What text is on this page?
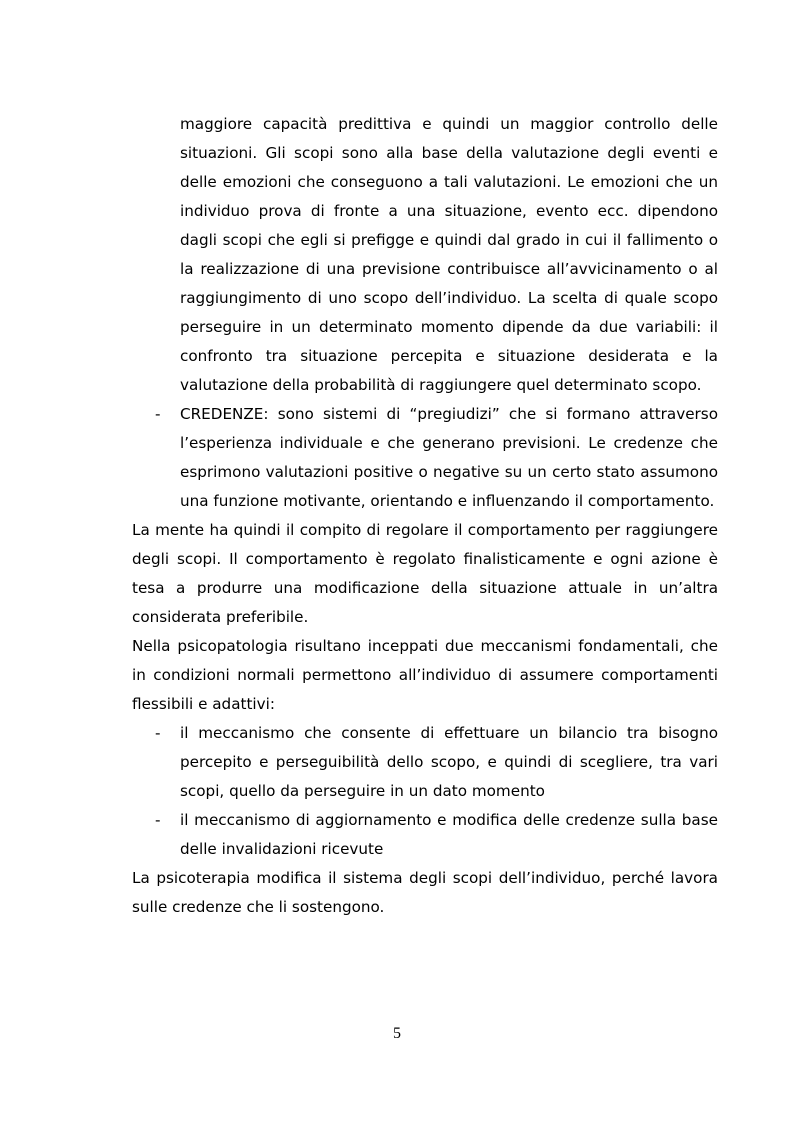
maggiore capacità predittiva e quindi un maggior controllo delle situazioni. Gli scopi sono alla base della valutazione degli eventi e delle emozioni che conseguono a tali valutazioni. Le emozioni che un individuo prova di fronte a una situazione, evento ecc. dipendono dagli scopi che egli si prefigge e quindi dal grado in cui il fallimento o la realizzazione di una previsione contribuisce all’avvicinamento o al raggiungimento di uno scopo dell’individuo. La scelta di quale scopo perseguire in un determinato momento dipende da due variabili: il confronto tra situazione percepita e situazione desiderata e la valutazione della probabilità di raggiungere quel determinato scopo.

- CREDENZE: sono sistemi di “pregiudizi” che si formano attraverso l’esperienza individuale e che generano previsioni. Le credenze che esprimono valutazioni positive o negative su un certo stato assumono una funzione motivante, orientando e influenzando il comportamento.

La mente ha quindi il compito di regolare il comportamento per raggiungere degli scopi. Il comportamento è regolato finalisticamente e ogni azione è tesa a produrre una modificazione della situazione attuale in un’altra considerata preferibile.

Nella psicopatologia risultano inceppati due meccanismi fondamentali, che in condizioni normali permettono all’individuo di assumere comportamenti flessibili e adattivi:

- il meccanismo che consente di effettuare un bilancio tra bisogno percepito e perseguibilità dello scopo, e quindi di scegliere, tra vari scopi, quello da perseguire in un dato momento

- il meccanismo di aggiornamento e modifica delle credenze sulla base delle invalidazioni ricevute

La psicoterapia modifica il sistema degli scopi dell’individuo, perché lavora sulle credenze che li sostengono.

5
